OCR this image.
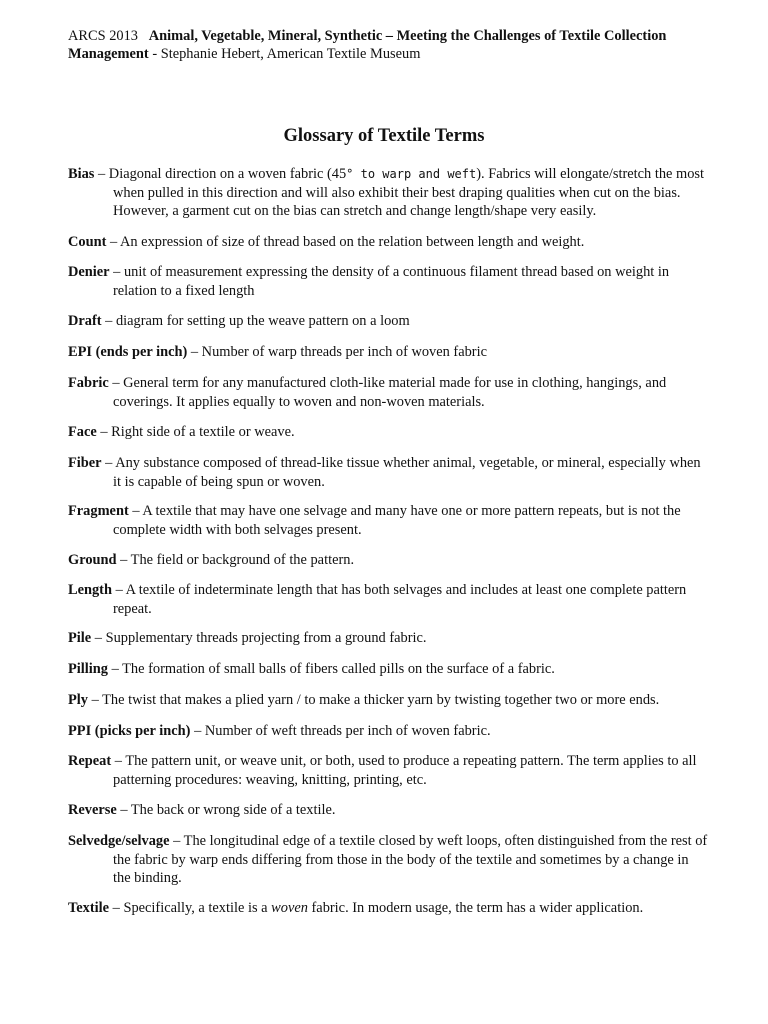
ARCS 2013 Animal, Vegetable, Mineral, Synthetic – Meeting the Challenges of Textile Collection Management - Stephanie Hebert, American Textile Museum
Glossary of Textile Terms
Bias – Diagonal direction on a woven fabric (45° to warp and weft). Fabrics will elongate/stretch the most when pulled in this direction and will also exhibit their best draping qualities when cut on the bias. However, a garment cut on the bias can stretch and change length/shape very easily.
Count – An expression of size of thread based on the relation between length and weight.
Denier – unit of measurement expressing the density of a continuous filament thread based on weight in relation to a fixed length
Draft – diagram for setting up the weave pattern on a loom
EPI (ends per inch) – Number of warp threads per inch of woven fabric
Fabric – General term for any manufactured cloth-like material made for use in clothing, hangings, and coverings. It applies equally to woven and non-woven materials.
Face – Right side of a textile or weave.
Fiber – Any substance composed of thread-like tissue whether animal, vegetable, or mineral, especially when it is capable of being spun or woven.
Fragment – A textile that may have one selvage and many have one or more pattern repeats, but is not the complete width with both selvages present.
Ground – The field or background of the pattern.
Length – A textile of indeterminate length that has both selvages and includes at least one complete pattern repeat.
Pile – Supplementary threads projecting from a ground fabric.
Pilling – The formation of small balls of fibers called pills on the surface of a fabric.
Ply – The twist that makes a plied yarn / to make a thicker yarn by twisting together two or more ends.
PPI (picks per inch) – Number of weft threads per inch of woven fabric.
Repeat – The pattern unit, or weave unit, or both, used to produce a repeating pattern. The term applies to all patterning procedures: weaving, knitting, printing, etc.
Reverse – The back or wrong side of a textile.
Selvedge/selvage – The longitudinal edge of a textile closed by weft loops, often distinguished from the rest of the fabric by warp ends differing from those in the body of the textile and sometimes by a change in the binding.
Textile – Specifically, a textile is a woven fabric. In modern usage, the term has a wider application.
